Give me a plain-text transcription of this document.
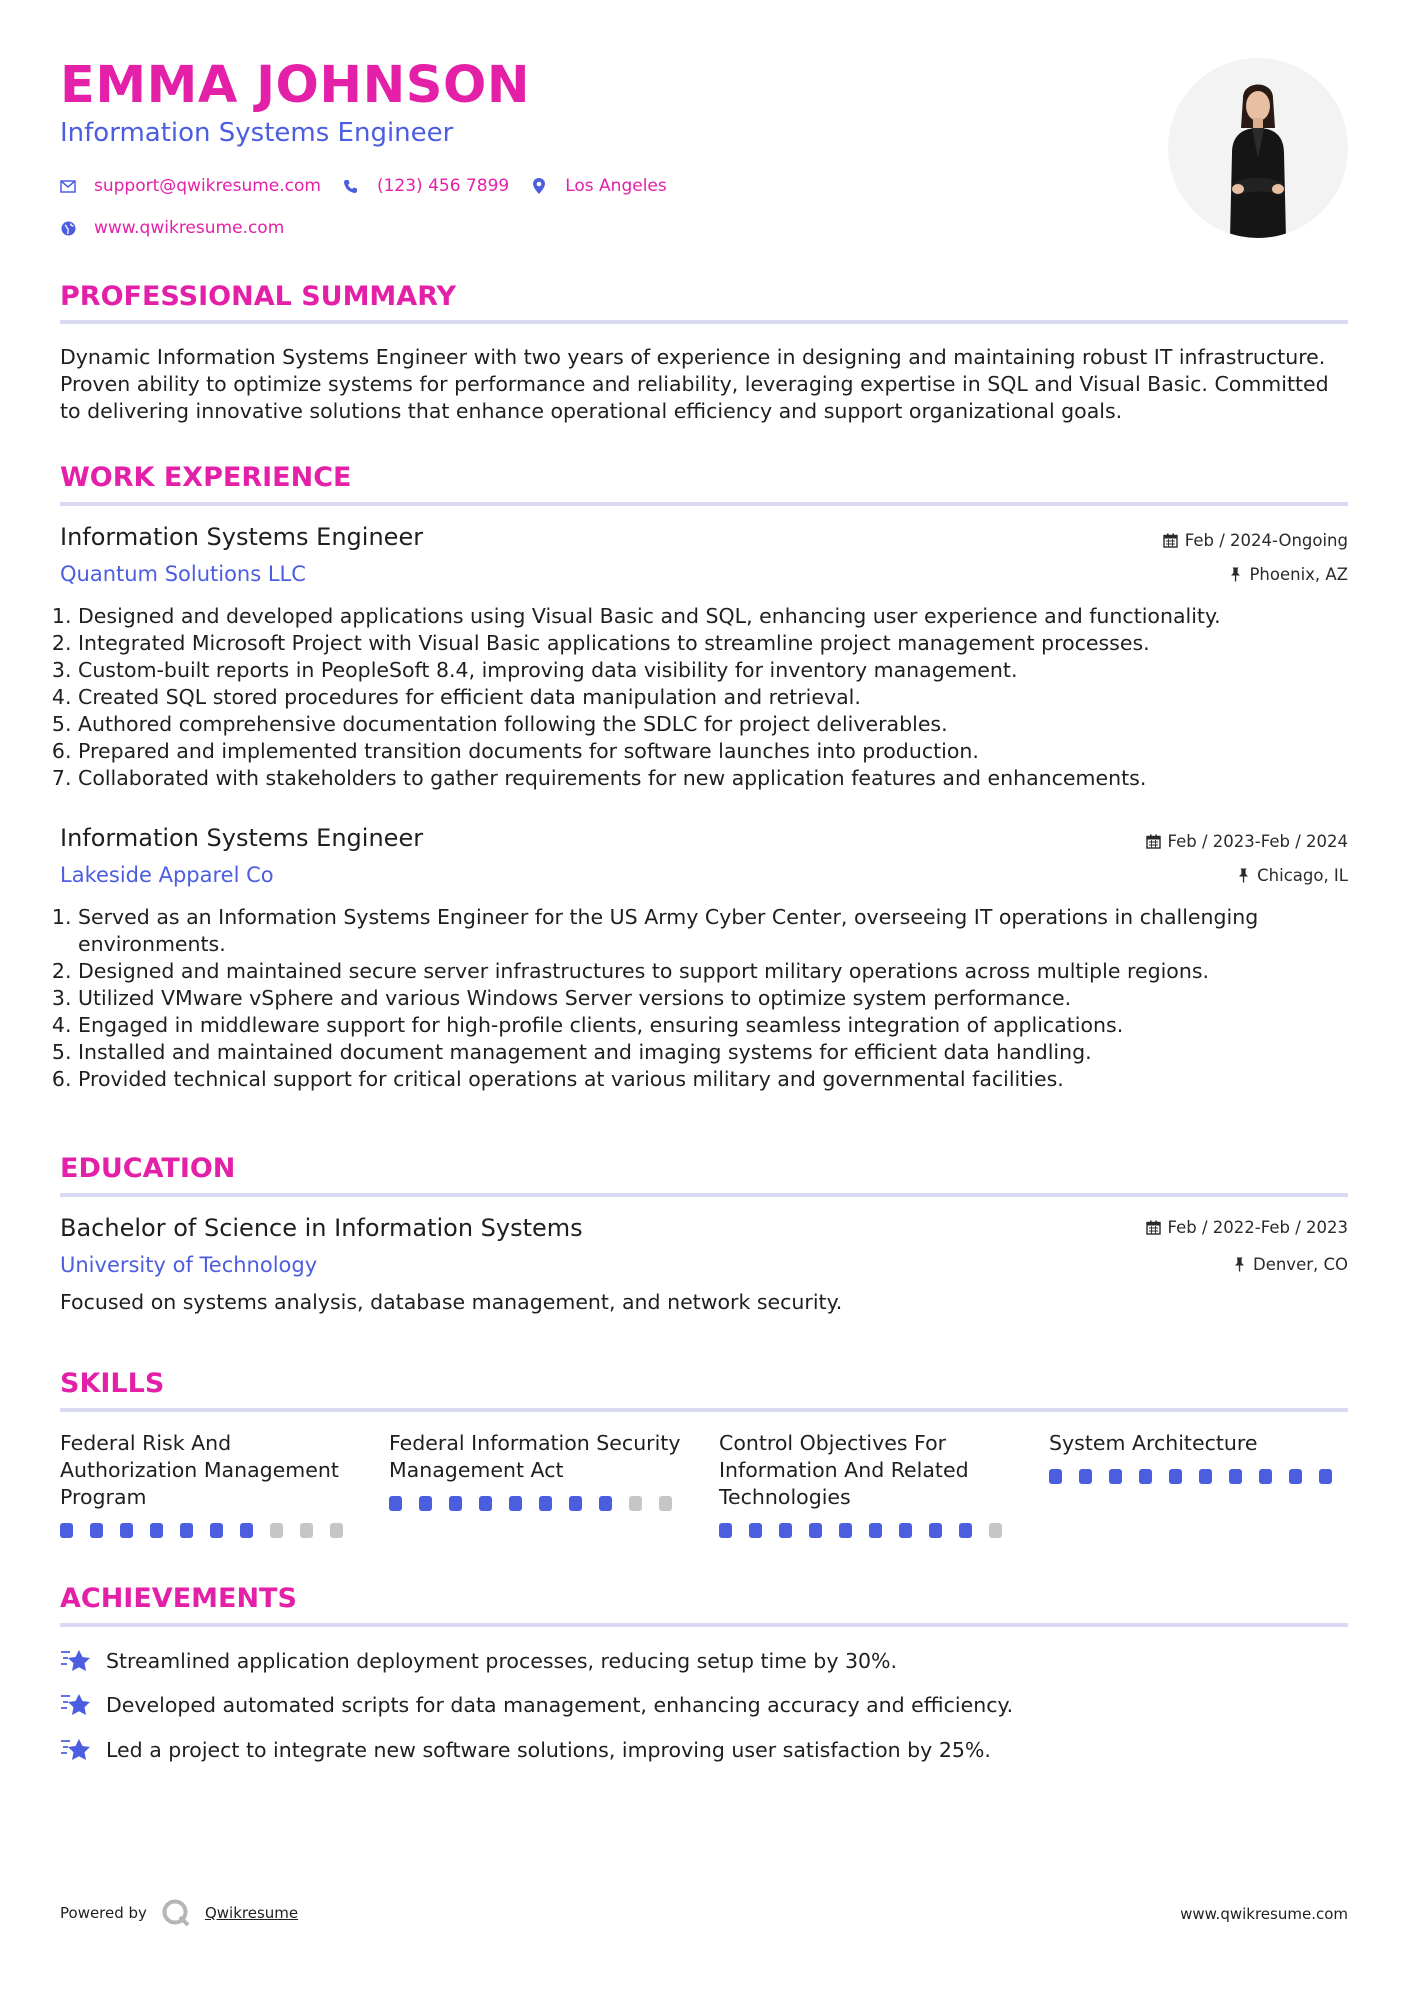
EMMA JOHNSON
Information Systems Engineer
support@qwikresume.com	(123) 456 7899	Los Angeles
www.qwikresume.com
PROFESSIONAL SUMMARY
Dynamic Information Systems Engineer with two years of experience in designing and maintaining robust IT infrastructure. Proven ability to optimize systems for performance and reliability, leveraging expertise in SQL and Visual Basic. Committed to delivering innovative solutions that enhance operational efficiency and support organizational goals.
WORK EXPERIENCE
Information Systems Engineer	Feb / 2024-Ongoing
Quantum Solutions LLC	Phoenix, AZ
1. Designed and developed applications using Visual Basic and SQL, enhancing user experience and functionality.
2. Integrated Microsoft Project with Visual Basic applications to streamline project management processes.
3. Custom-built reports in PeopleSoft 8.4, improving data visibility for inventory management.
4. Created SQL stored procedures for efficient data manipulation and retrieval.
5. Authored comprehensive documentation following the SDLC for project deliverables.
6. Prepared and implemented transition documents for software launches into production.
7. Collaborated with stakeholders to gather requirements for new application features and enhancements.
Information Systems Engineer	Feb / 2023-Feb / 2024
Lakeside Apparel Co	Chicago, IL
1. Served as an Information Systems Engineer for the US Army Cyber Center, overseeing IT operations in challenging environments.
2. Designed and maintained secure server infrastructures to support military operations across multiple regions.
3. Utilized VMware vSphere and various Windows Server versions to optimize system performance.
4. Engaged in middleware support for high-profile clients, ensuring seamless integration of applications.
5. Installed and maintained document management and imaging systems for efficient data handling.
6. Provided technical support for critical operations at various military and governmental facilities.
EDUCATION
Bachelor of Science in Information Systems	Feb / 2022-Feb / 2023
University of Technology	Denver, CO
Focused on systems analysis, database management, and network security.
SKILLS
Federal Risk And Authorization Management Program
Federal Information Security Management Act
Control Objectives For Information And Related Technologies
System Architecture
ACHIEVEMENTS
Streamlined application deployment processes, reducing setup time by 30%.
Developed automated scripts for data management, enhancing accuracy and efficiency.
Led a project to integrate new software solutions, improving user satisfaction by 25%.
Powered by	Qwikresume	www.qwikresume.com
